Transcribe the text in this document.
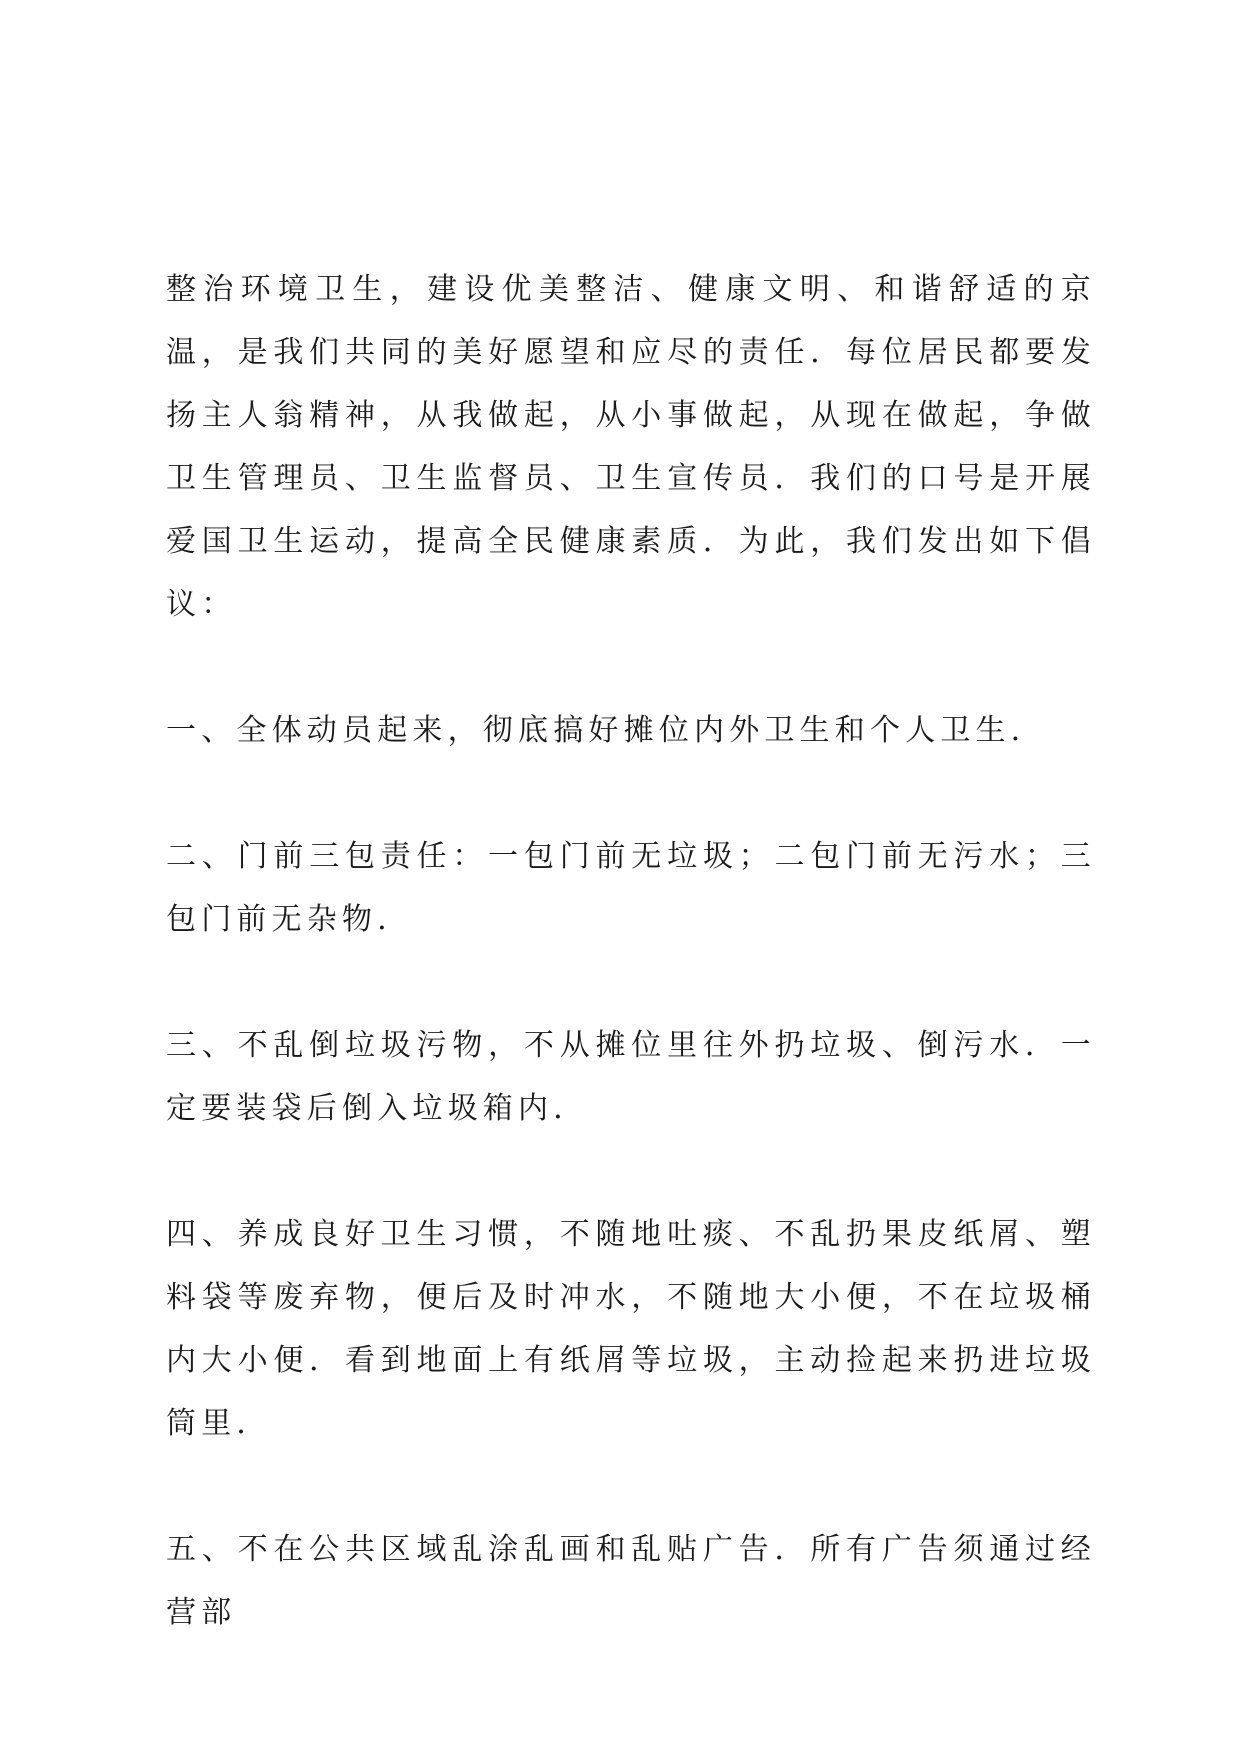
整治环境卫生，建设优美整洁、健康文明、和谐舒适的京温，是我们共同的美好愿望和应尽的责任．每位居民都要发扬主人翁精神，从我做起，从小事做起，从现在做起，争做卫生管理员、卫生监督员、卫生宣传员．我们的口号是开展爱国卫生运动，提高全民健康素质．为此，我们发出如下倡议：

一、全体动员起来，彻底搞好摊位内外卫生和个人卫生．

二、门前三包责任：一包门前无垃圾；二包门前无污水；三包门前无杂物．

三、不乱倒垃圾污物，不从摊位里往外扔垃圾、倒污水．一定要装袋后倒入垃圾箱内．

四、养成良好卫生习惯，不随地吐痰、不乱扔果皮纸屑、塑料袋等废弃物，便后及时冲水，不随地大小便，不在垃圾桶内大小便．看到地面上有纸屑等垃圾，主动捡起来扔进垃圾筒里．

五、不在公共区域乱涂乱画和乱贴广告．所有广告须通过经营部
